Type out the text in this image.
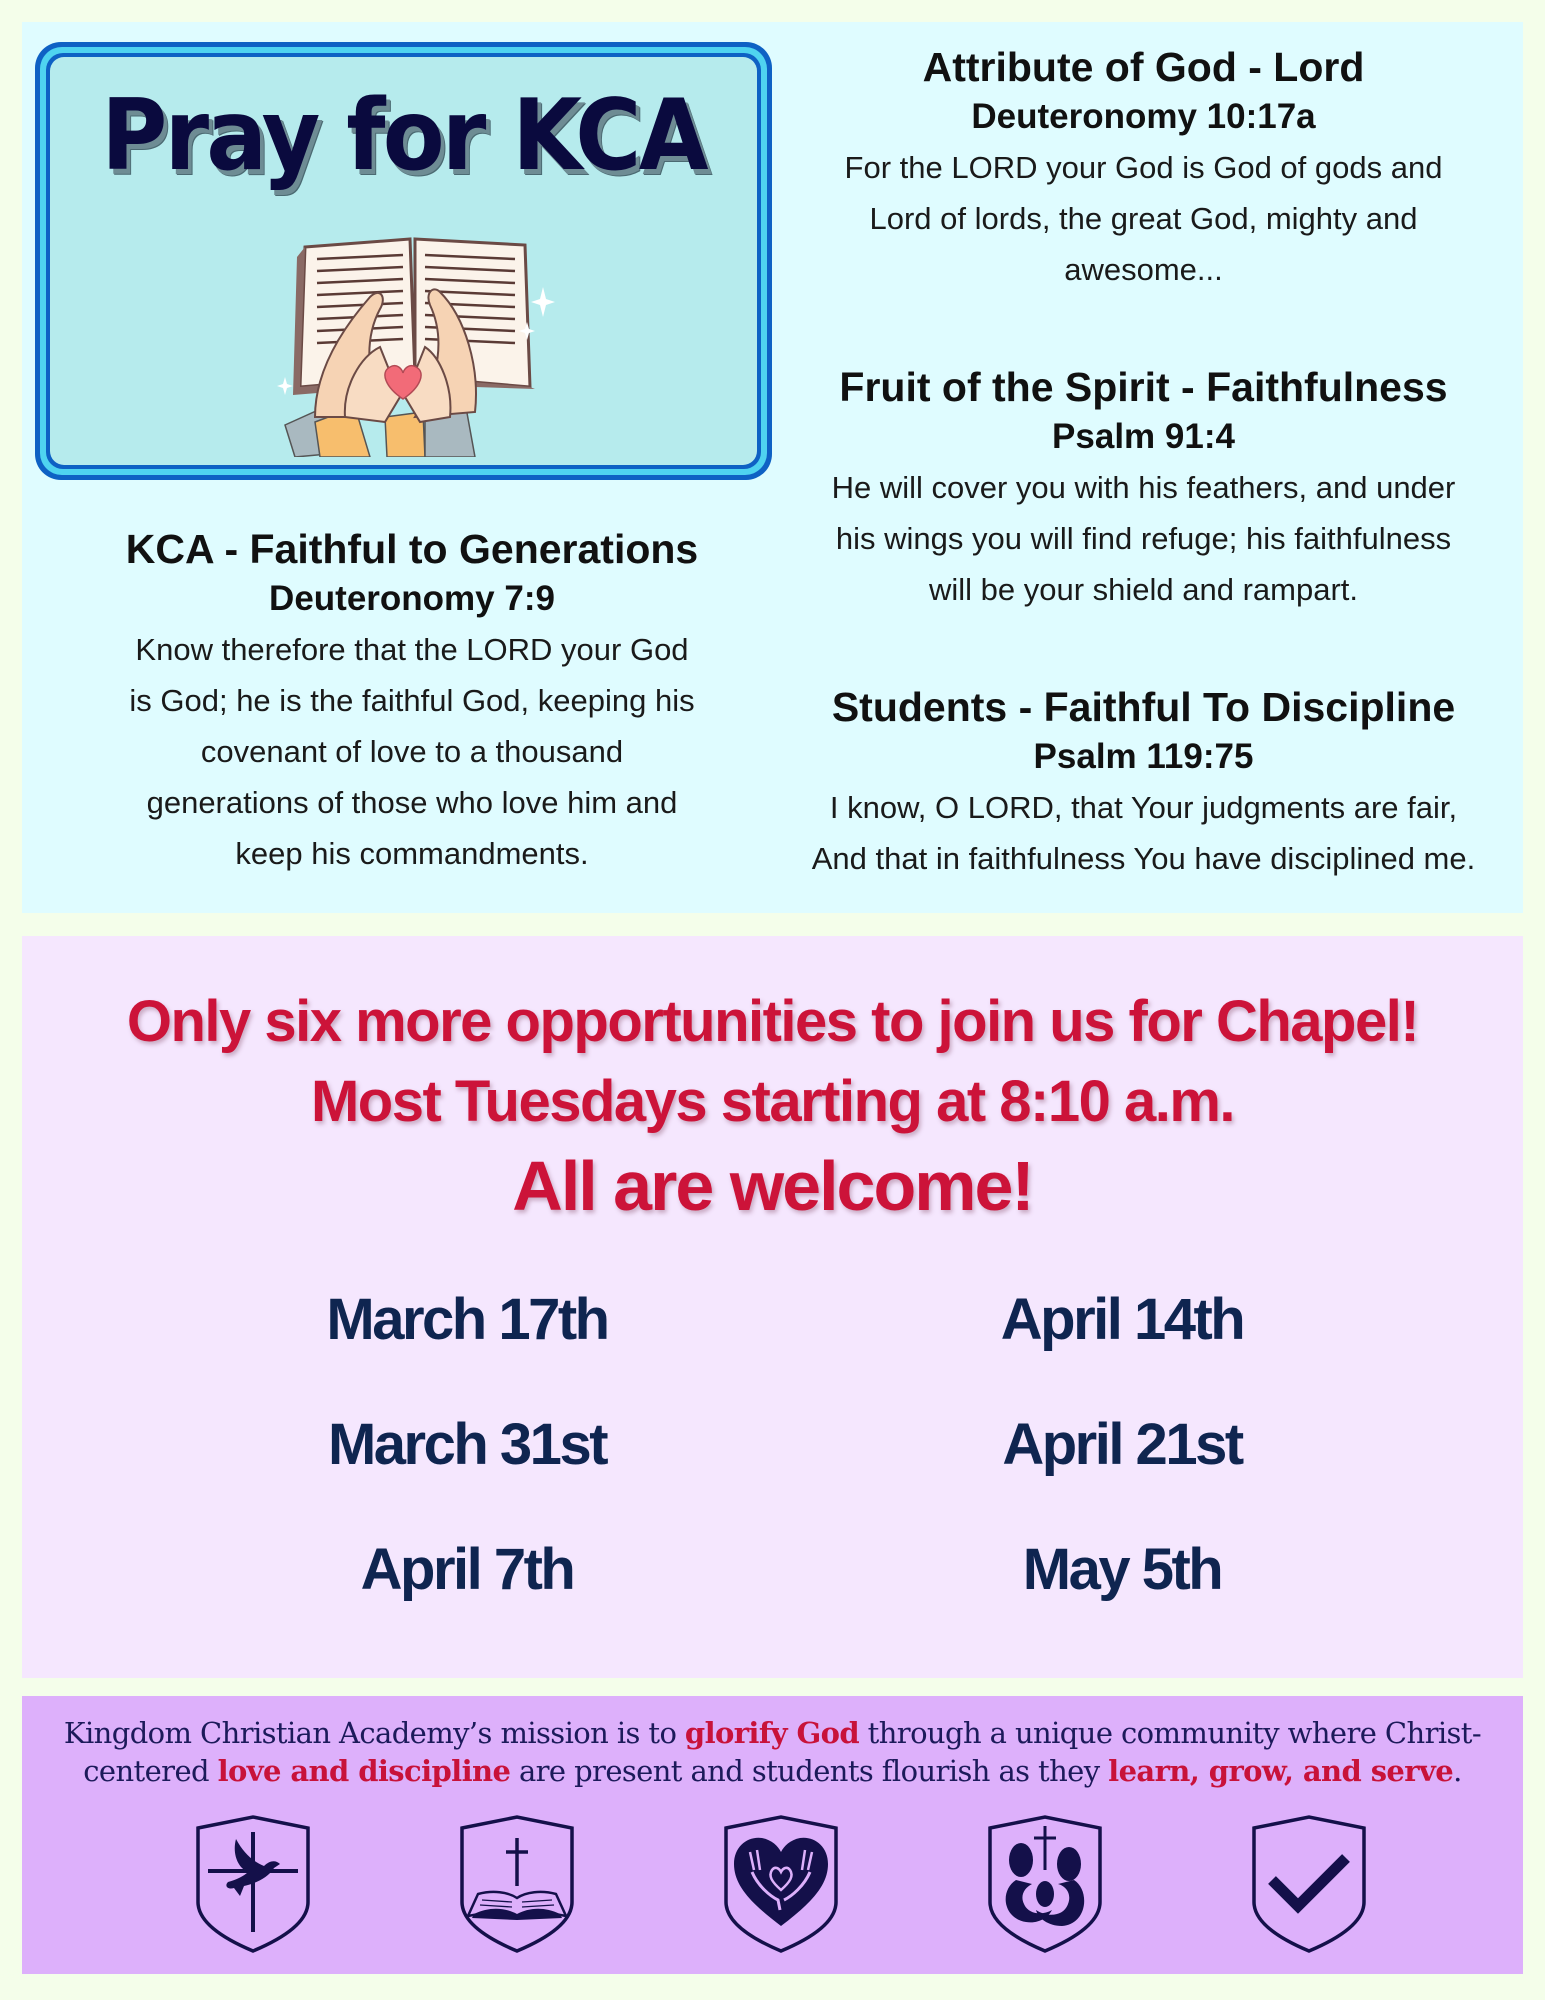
Pray for KCA
KCA - Faithful to Generations
Deuteronomy 7:9

Know therefore that the LORD your God

is God; he is the faithful God, keeping his

covenant of love to a thousand

generations of those who love him and

keep his commandments.

Attribute of God - Lord
Deuteronomy 10:17a

For the LORD your God is God of gods and

Lord of lords, the great God, mighty and

awesome...

Fruit of the Spirit - Faithfulness
Psalm 91:4

He will cover you with his feathers, and under

his wings you will find refuge; his faithfulness

will be your shield and rampart.

Students - Faithful To Discipline
Psalm 119:75

I know, O LORD, that Your judgments are fair,

And that in faithfulness You have disciplined me.

Only six more opportunities to join us for Chapel!
Most Tuesdays starting at 8:10 a.m.
All are welcome!
March 17th	April 14th
March 31st	April 21st
April 7th	May 5th
Kingdom Christian Academy’s mission is to glorify God through a unique community where Christ-centered love and discipline are present and students flourish as they learn, grow, and serve.
